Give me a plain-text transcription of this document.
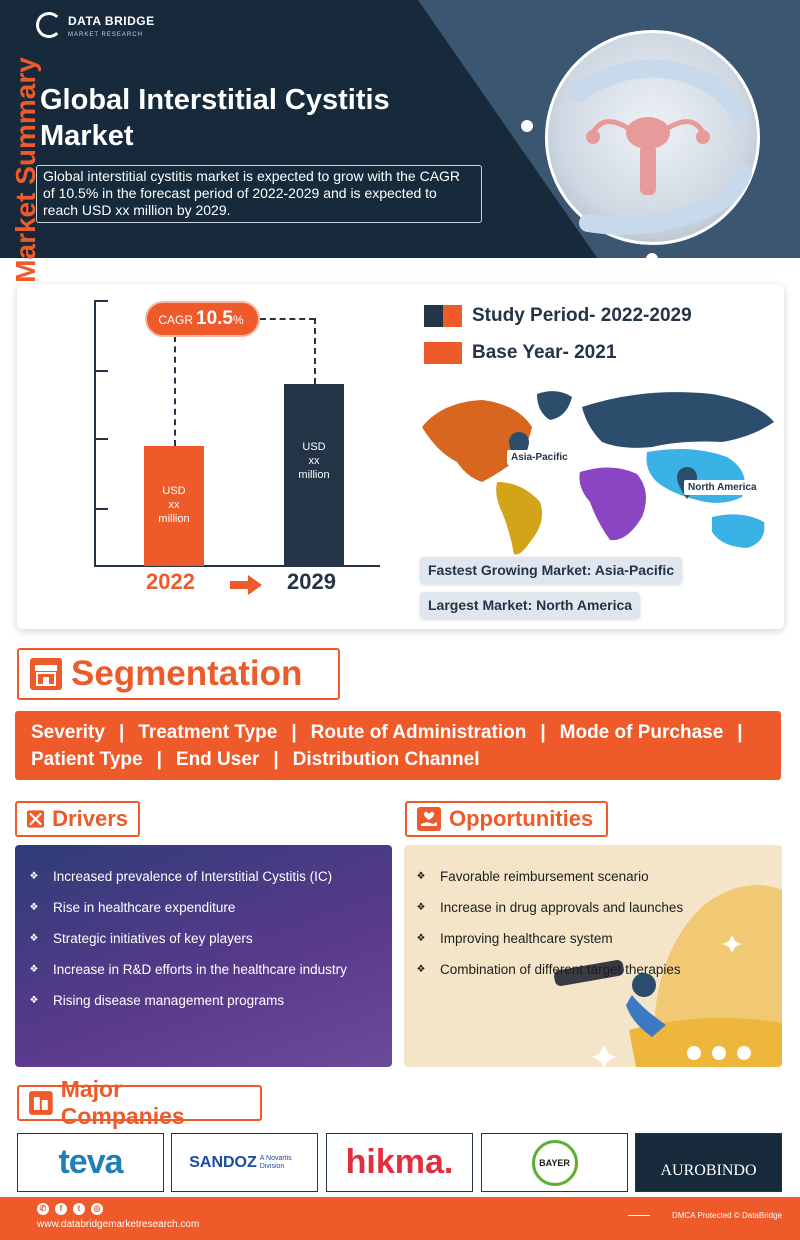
DATA BRIDGE
MARKET RESEARCH
Global Interstitial Cystitis Market
Global interstitial cystitis market is expected to grow with the CAGR of 10.5% in the forecast period of 2022-2029 and is expected to reach USD xx million by 2029.
Market Summary
USD
xx
million
USD
xx
million
CAGR 10.5 %
2022	2029
Study Period- 2022-2029
Base Year- 2021
Asia-Pacific
North America
Fastest Growing Market: Asia-Pacific
Largest Market: North America
Segmentation
Severity | Treatment Type | Route of Administration | Mode of Purchase |
Patient Type | End User | Distribution Channel
Drivers
❖ Increased prevalence of Interstitial Cystitis (IC)
❖ Rise in healthcare expenditure
❖ Strategic initiatives of key players
❖ Increase in R&D efforts in the healthcare industry
❖ Rising disease management programs
Opportunities
❖ Favorable reimbursement scenario
❖ Increase in drug approvals and launches
❖ Improving healthcare system
❖ Combination of different target therapies
Major Companies
teva	SANDOZ A Novartis Division	hikma.	BAYER	AUROBINDO
✆	f	t	◎
www.databridgemarketresearch.com
DMCA Protected © DataBridge
